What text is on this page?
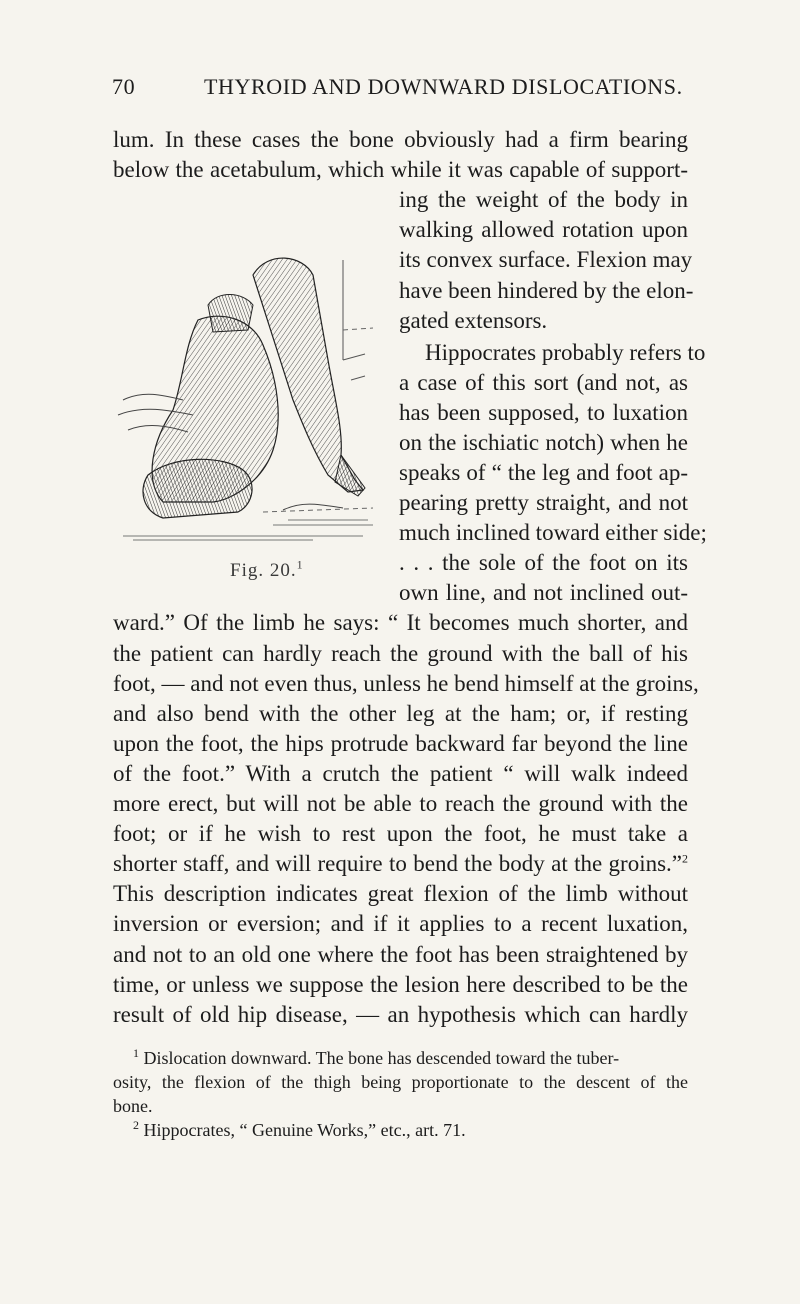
70	THYROID AND DOWNWARD DISLOCATIONS.
lum. In these cases the bone obviously had a firm bearing
below the acetabulum, which while it was capable of support-
ing the weight of the body in
walking allowed rotation upon
its convex surface. Flexion may
have been hindered by the elon-
gated extensors.
Hippocrates probably refers to
a case of this sort (and not, as
has been supposed, to luxation
on the ischiatic notch) when he
speaks of “ the leg and foot ap-
pearing pretty straight, and not
much inclined toward either side;
. . . the sole of the foot on its
own line, and not inclined out-
ward.” Of the limb he says: “ It becomes much shorter, and
the patient can hardly reach the ground with the ball of his
foot, — and not even thus, unless he bend himself at the groins,
and also bend with the other leg at the ham; or, if resting
upon the foot, the hips protrude backward far beyond the line
of the foot.” With a crutch the patient “ will walk indeed
more erect, but will not be able to reach the ground with the
foot; or if he wish to rest upon the foot, he must take a
shorter staff, and will require to bend the body at the groins.”$^2$
This description indicates great flexion of the limb without
inversion or eversion; and if it applies to a recent luxation,
and not to an old one where the foot has been straightened by
time, or unless we suppose the lesion here described to be the
result of old hip disease, — an hypothesis which can hardly
Fig. 20.$^1$
$^1$ Dislocation downward. The bone has descended toward the tuber-
osity, the flexion of the thigh being proportionate to the descent of the
bone.
$^2$ Hippocrates, “ Genuine Works,” etc., art. 71.
